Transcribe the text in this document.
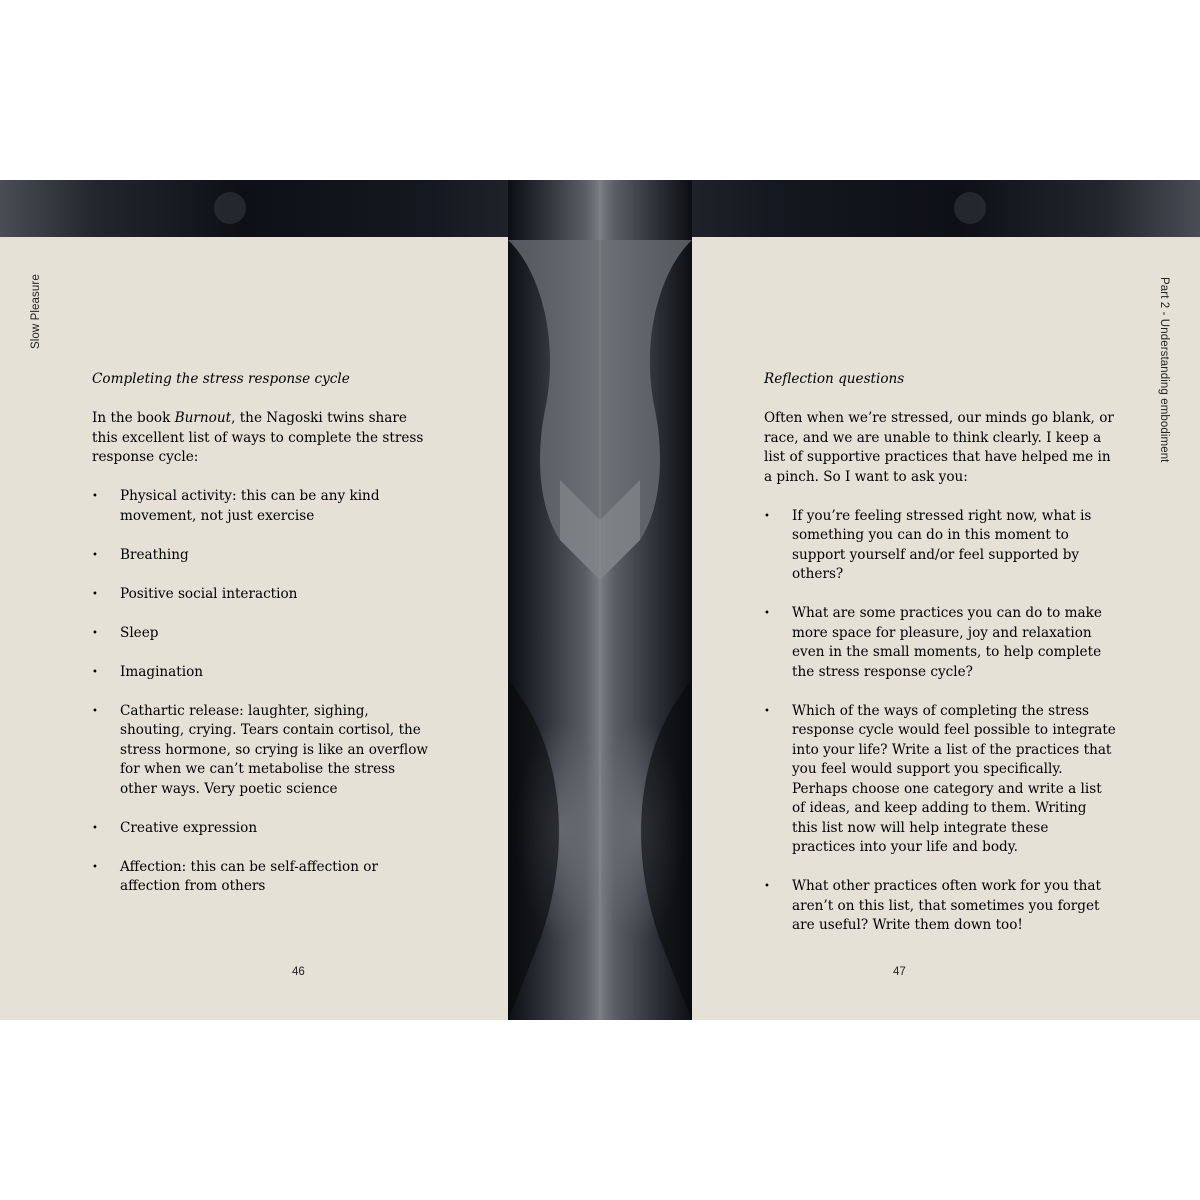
Slow Pleasure	Part 2 - Understanding embodiment

Completing the stress response cycle

In the book Burnout, the Nagoski twins share this excellent list of ways to complete the stress response cycle:

• Physical activity: this can be any kind movement, not just exercise
• Breathing
• Positive social interaction
• Sleep
• Imagination
• Cathartic release: laughter, sighing, shouting, crying. Tears contain cortisol, the stress hormone, so crying is like an overflow for when we can’t metabolise the stress other ways. Very poetic science
• Creative expression
• Affection: this can be self-affection or affection from others

Reflection questions

Often when we’re stressed, our minds go blank, or race, and we are unable to think clearly. I keep a list of supportive practices that have helped me in a pinch. So I want to ask you:

• If you’re feeling stressed right now, what is something you can do in this moment to support yourself and/or feel supported by others?
• What are some practices you can do to make more space for pleasure, joy and relaxation even in the small moments, to help complete the stress response cycle?
• Which of the ways of completing the stress response cycle would feel possible to integrate into your life? Write a list of the practices that you feel would support you specifically. Perhaps choose one category and write a list of ideas, and keep adding to them. Writing this list now will help integrate these practices into your life and body.
• What other practices often work for you that aren’t on this list, that sometimes you forget are useful? Write them down too!
46	47
